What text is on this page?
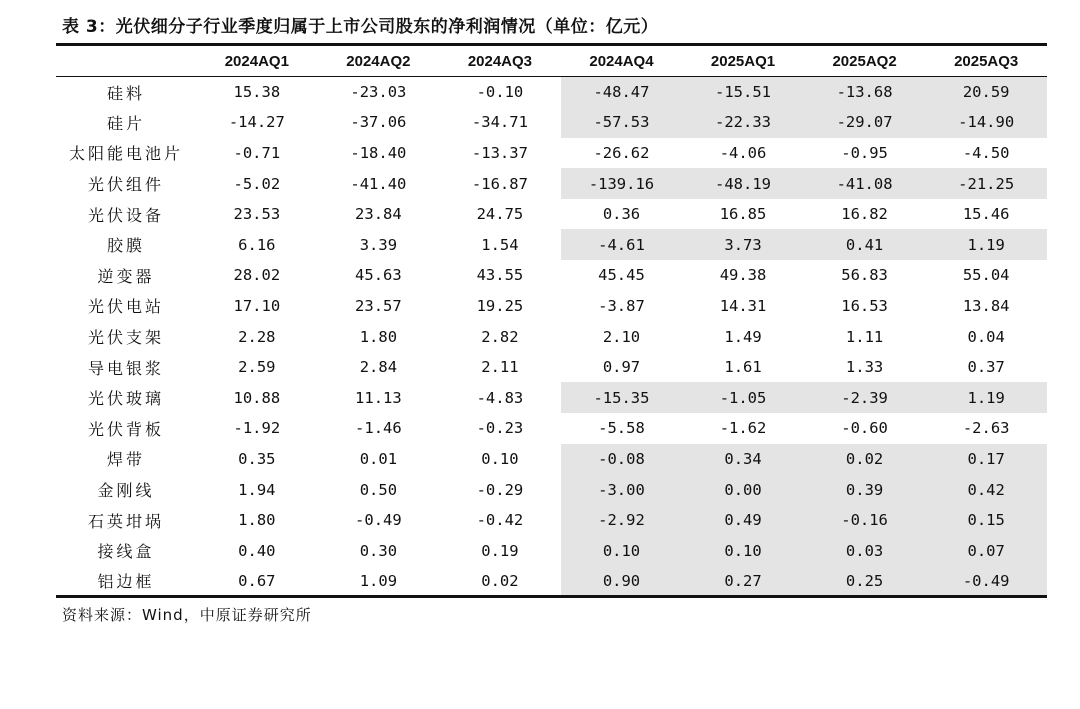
表 3：光伏细分子行业季度归属于上市公司股东的净利润情况（单位：亿元）
	2024AQ1	2024AQ2	2024AQ3	2024AQ4	2025AQ1	2025AQ2	2025AQ3
硅料	15.38	-23.03	-0.10	-48.47	-15.51	-13.68	20.59
硅片	-14.27	-37.06	-34.71	-57.53	-22.33	-29.07	-14.90
太阳能电池片	-0.71	-18.40	-13.37	-26.62	-4.06	-0.95	-4.50
光伏组件	-5.02	-41.40	-16.87	-139.16	-48.19	-41.08	-21.25
光伏设备	23.53	23.84	24.75	0.36	16.85	16.82	15.46
胶膜	6.16	3.39	1.54	-4.61	3.73	0.41	1.19
逆变器	28.02	45.63	43.55	45.45	49.38	56.83	55.04
光伏电站	17.10	23.57	19.25	-3.87	14.31	16.53	13.84
光伏支架	2.28	1.80	2.82	2.10	1.49	1.11	0.04
导电银浆	2.59	2.84	2.11	0.97	1.61	1.33	0.37
光伏玻璃	10.88	11.13	-4.83	-15.35	-1.05	-2.39	1.19
光伏背板	-1.92	-1.46	-0.23	-5.58	-1.62	-0.60	-2.63
焊带	0.35	0.01	0.10	-0.08	0.34	0.02	0.17
金刚线	1.94	0.50	-0.29	-3.00	0.00	0.39	0.42
石英坩埚	1.80	-0.49	-0.42	-2.92	0.49	-0.16	0.15
接线盒	0.40	0.30	0.19	0.10	0.10	0.03	0.07
铝边框	0.67	1.09	0.02	0.90	0.27	0.25	-0.49
资料来源：Wind，中原证券研究所
